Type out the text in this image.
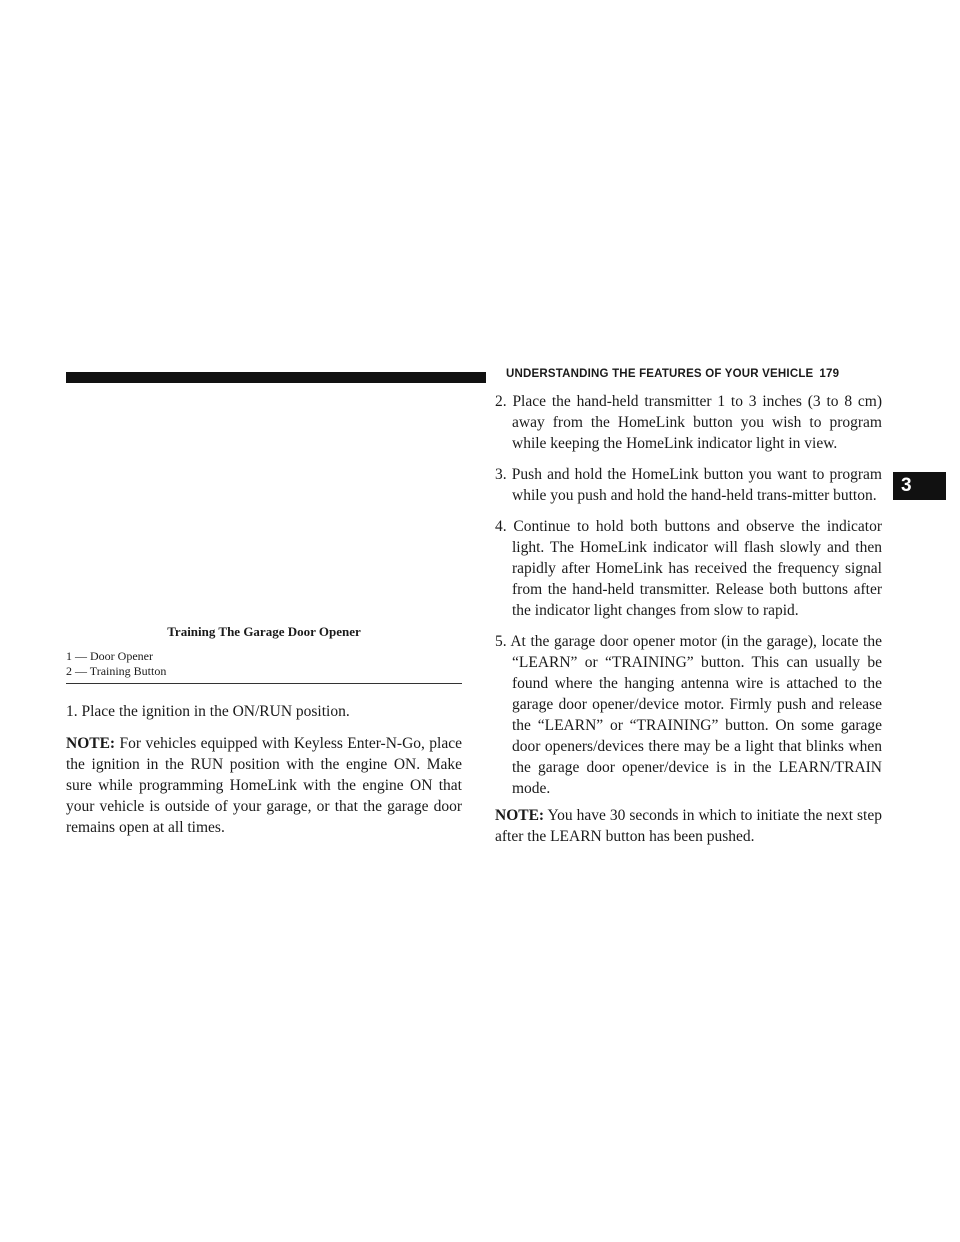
UNDERSTANDING THE FEATURES OF YOUR VEHICLE 179
3
Training The Garage Door Opener
1 — Door Opener
2 — Training Button

1. Place the ignition in the ON/RUN position.

NOTE: For vehicles equipped with Keyless Enter-N-Go, place the ignition in the RUN position with the engine ON. Make sure while programming HomeLink with the engine ON that your vehicle is outside of your garage, or that the garage door remains open at all times.

2. Place the hand-held transmitter 1 to 3 inches (3 to 8 cm) away from the HomeLink button you wish to program while keeping the HomeLink indicator light in view.

3. Push and hold the HomeLink button you want to program while you push and hold the hand-held trans-mitter button.

4. Continue to hold both buttons and observe the indicator light. The HomeLink indicator will flash slowly and then rapidly after HomeLink has received the frequency signal from the hand-held transmitter. Release both buttons after the indicator light changes from slow to rapid.

5. At the garage door opener motor (in the garage), locate the “LEARN” or “TRAINING” button. This can usually be found where the hanging antenna wire is attached to the garage door opener/device motor. Firmly push and release the “LEARN” or “TRAINING” button. On some garage door openers/devices there may be a light that blinks when the garage door opener/device is in the LEARN/TRAIN mode.

NOTE: You have 30 seconds in which to initiate the next step after the LEARN button has been pushed.
